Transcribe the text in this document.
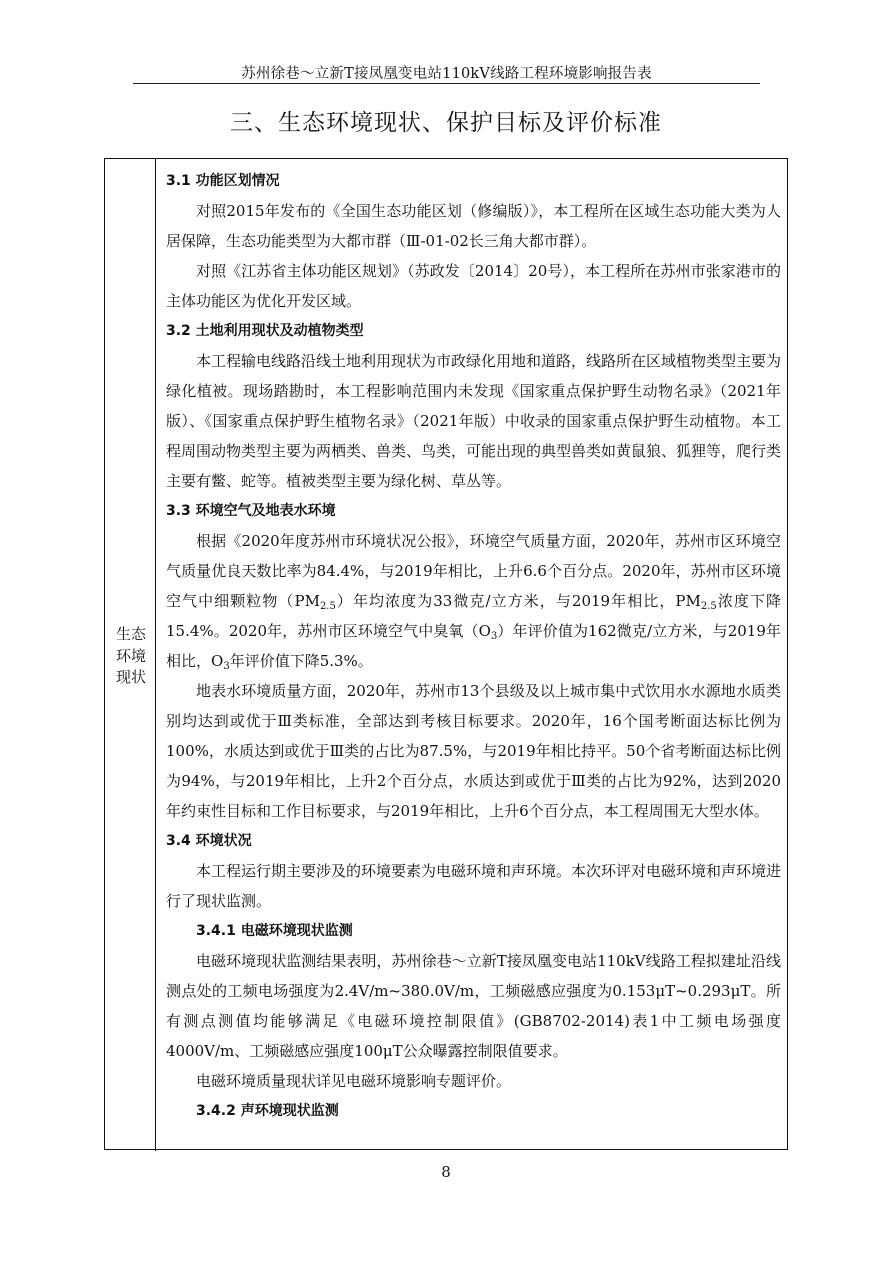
苏州徐巷～立新T接凤凰变电站110kV线路工程环境影响报告表
三、生态环境现状、保护目标及评价标准
生态
环境
现状

3.1 功能区划情况

对照2015年发布的《全国生态功能区划（修编版）》，本工程所在区域生态功能大类为人居保障，生态功能类型为大都市群（Ⅲ-01-02长三角大都市群）。

对照《江苏省主体功能区规划》（苏政发〔2014〕20号），本工程所在苏州市张家港市的主体功能区为优化开发区域。

3.2 土地利用现状及动植物类型

本工程输电线路沿线土地利用现状为市政绿化用地和道路，线路所在区域植物类型主要为绿化植被。现场踏勘时，本工程影响范围内未发现《国家重点保护野生动物名录》（2021年版）、《国家重点保护野生植物名录》（2021年版）中收录的国家重点保护野生动植物。本工程周围动物类型主要为两栖类、兽类、鸟类，可能出现的典型兽类如黄鼠狼、狐狸等，爬行类主要有鳖、蛇等。植被类型主要为绿化树、草丛等。

3.3 环境空气及地表水环境

根据《2020年度苏州市环境状况公报》，环境空气质量方面，2020年，苏州市区环境空气质量优良天数比率为84.4%，与2019年相比，上升6.6个百分点。2020年，苏州市区环境空气中细颗粒物$(PM_{2.5})$年均浓度为33微克/立方米，与2019年相比，$PM_{2.5}$浓度下降15.4%。2020年，苏州市区环境空气中臭氧$(O_3)$年评价值为162微克/立方米，与2019年相比，$O_3$年评价值下降5.3%。

地表水环境质量方面，2020年，苏州市13个县级及以上城市集中式饮用水水源地水质类别均达到或优于Ⅲ类标准，全部达到考核目标要求。2020年，16个国考断面达标比例为100%，水质达到或优于Ⅲ类的占比为87.5%，与2019年相比持平。50个省考断面达标比例为94%，与2019年相比，上升2个百分点，水质达到或优于Ⅲ类的占比为92%，达到2020年约束性目标和工作目标要求，与2019年相比，上升6个百分点，本工程周围无大型水体。

3.4 环境状况

本工程运行期主要涉及的环境要素为电磁环境和声环境。本次环评对电磁环境和声环境进行了现状监测。

3.4.1 电磁环境现状监测

电磁环境现状监测结果表明，苏州徐巷～立新T接凤凰变电站110kV线路工程拟建址沿线测点处的工频电场强度为2.4V/m~380.0V/m，工频磁感应强度为0.153μT~0.293μT。所有测点测值均能够满足《电磁环境控制限值》(GB8702-2014)表1中工频电场强度4000V/m、工频磁感应强度100μT公众曝露控制限值要求。

电磁环境质量现状详见电磁环境影响专题评价。

3.4.2 声环境现状监测

8
